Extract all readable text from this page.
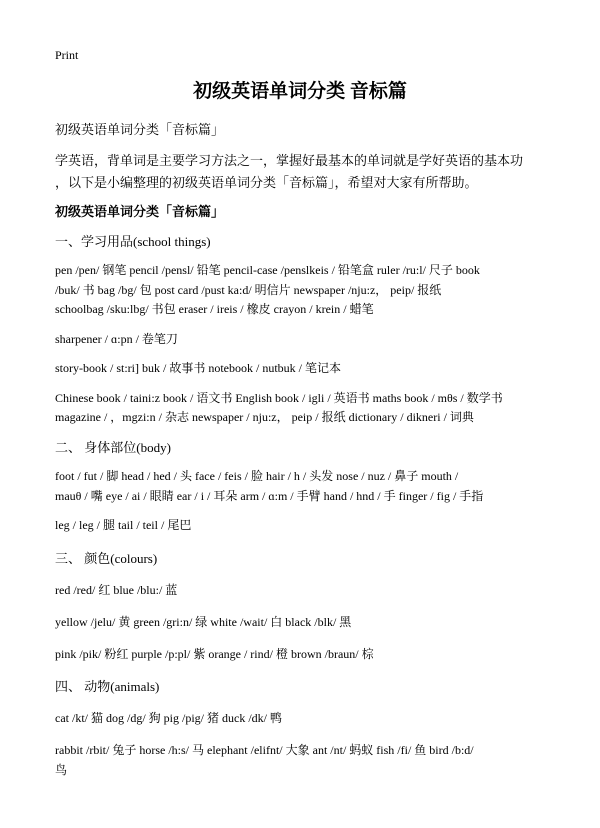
Print
初级英语单词分类 音标篇

初级英语单词分类「音标篇」

学英语，背单词是主要学习方法之一，掌握好最基本的单词就是学好英语的基本功
，以下是小编整理的初级英语单词分类「音标篇」，希望对大家有所帮助。

初级英语单词分类「音标篇」
一、学习用品(school things)

pen /pen/ 钢笔 pencil /pensl/ 铅笔 pencil-case /penslkeis / 铅笔盒 ruler /ru:l/ 尺子 book
/buk/ 书 bag /bg/ 包 post card /pust ka:d/ 明信片 newspaper /nju:z， peip/ 报纸
schoolbag /sku:lbg/ 书包 eraser / ireis / 橡皮 crayon / krein / 蜡笔

sharpener / ɑ:pn / 卷笔刀

story-book / st:ri] buk / 故事书 notebook / nutbuk / 笔记本

Chinese book / taini:z book / 语文书 English book / igli / 英语书 maths book / mθs / 数学书
magazine / ，mgzi:n / 杂志 newspaper / nju:z， peip / 报纸 dictionary / dikneri / 词典

二、 身体部位(body)

foot / fut / 脚 head / hed / 头 face / feis / 脸 hair / h / 头发 nose / nuz / 鼻子 mouth /
mauθ / 嘴 eye / ai / 眼睛 ear / i / 耳朵 arm / ɑ:m / 手臂 hand / hnd / 手 finger / fig / 手指

leg / leg / 腿 tail / teil / 尾巴

三、 颜色(colours)

red /red/ 红 blue /blu:/ 蓝

yellow /jelu/ 黄 green /gri:n/ 绿 white /wait/ 白 black /blk/ 黑

pink /pik/ 粉红 purple /p:pl/ 紫 orange / rind/ 橙 brown /braun/ 棕

四、 动物(animals)

cat /kt/ 猫 dog /dg/ 狗 pig /pig/ 猪 duck /dk/ 鸭

rabbit /rbit/ 兔子 horse /h:s/ 马 elephant /elifnt/ 大象 ant /nt/ 蚂蚁 fish /fi/ 鱼 bird /b:d/
鸟
